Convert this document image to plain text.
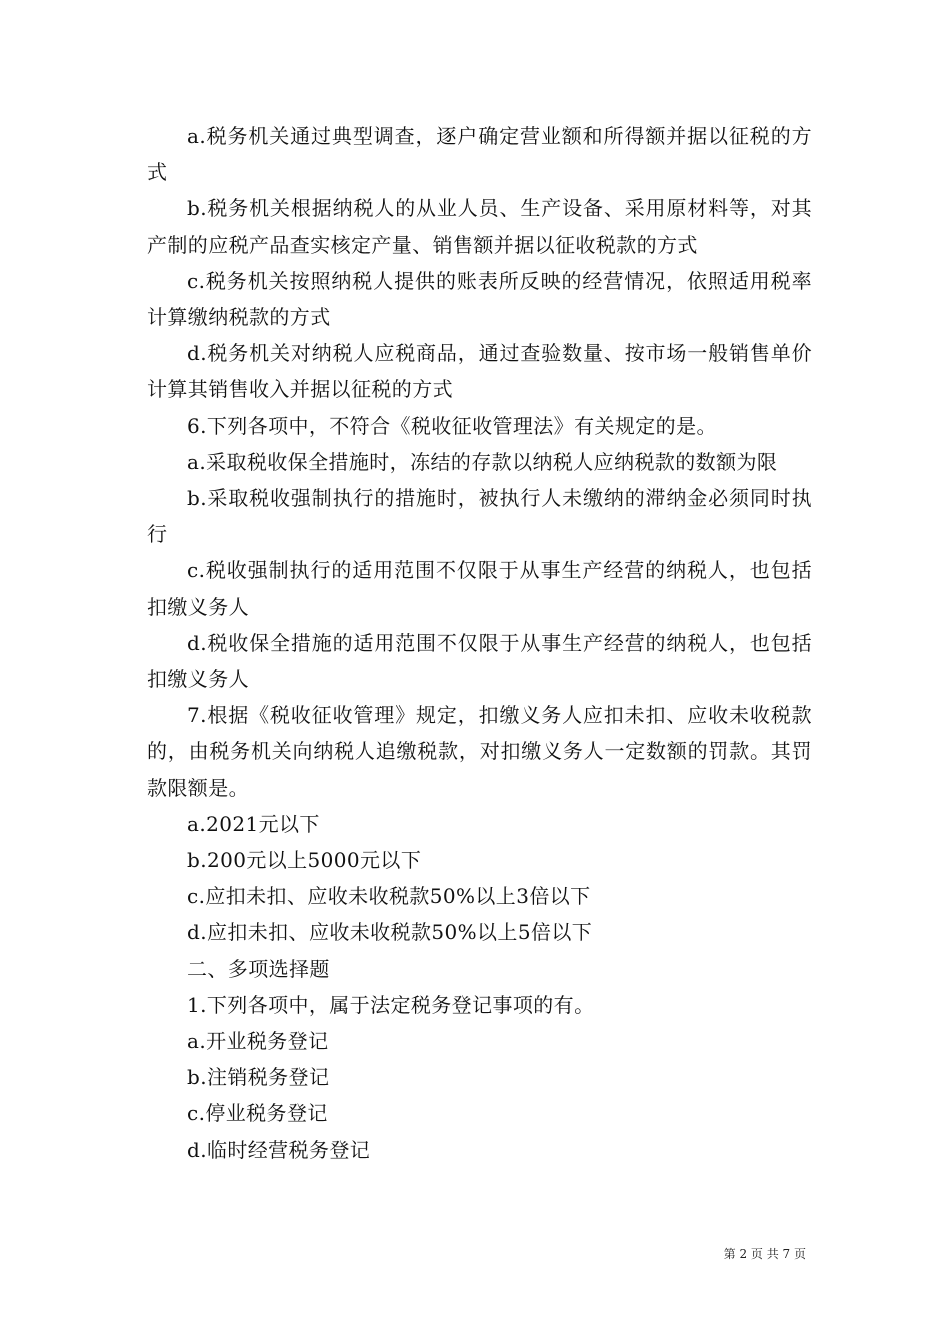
a.税务机关通过典型调查，逐户确定营业额和所得额并据以征税的方式

b.税务机关根据纳税人的从业人员、生产设备、采用原材料等，对其产制的应税产品查实核定产量、销售额并据以征收税款的方式

c.税务机关按照纳税人提供的账表所反映的经营情况，依照适用税率计算缴纳税款的方式

d.税务机关对纳税人应税商品，通过查验数量、按市场一般销售单价计算其销售收入并据以征税的方式

6.下列各项中，不符合《税收征收管理法》有关规定的是。

a.采取税收保全措施时，冻结的存款以纳税人应纳税款的数额为限

b.采取税收强制执行的措施时，被执行人未缴纳的滞纳金必须同时执行

c.税收强制执行的适用范围不仅限于从事生产经营的纳税人，也包括扣缴义务人

d.税收保全措施的适用范围不仅限于从事生产经营的纳税人，也包括扣缴义务人

7.根据《税收征收管理》规定，扣缴义务人应扣未扣、应收未收税款的，由税务机关向纳税人追缴税款，对扣缴义务人一定数额的罚款。其罚款限额是。

a.2021元以下

b.200元以上5000元以下

c.应扣未扣、应收未收税款50%以上3倍以下

d.应扣未扣、应收未收税款50%以上5倍以下

二、多项选择题

1.下列各项中，属于法定税务登记事项的有。

a.开业税务登记

b.注销税务登记

c.停业税务登记

d.临时经营税务登记

第 2 页 共 7 页
